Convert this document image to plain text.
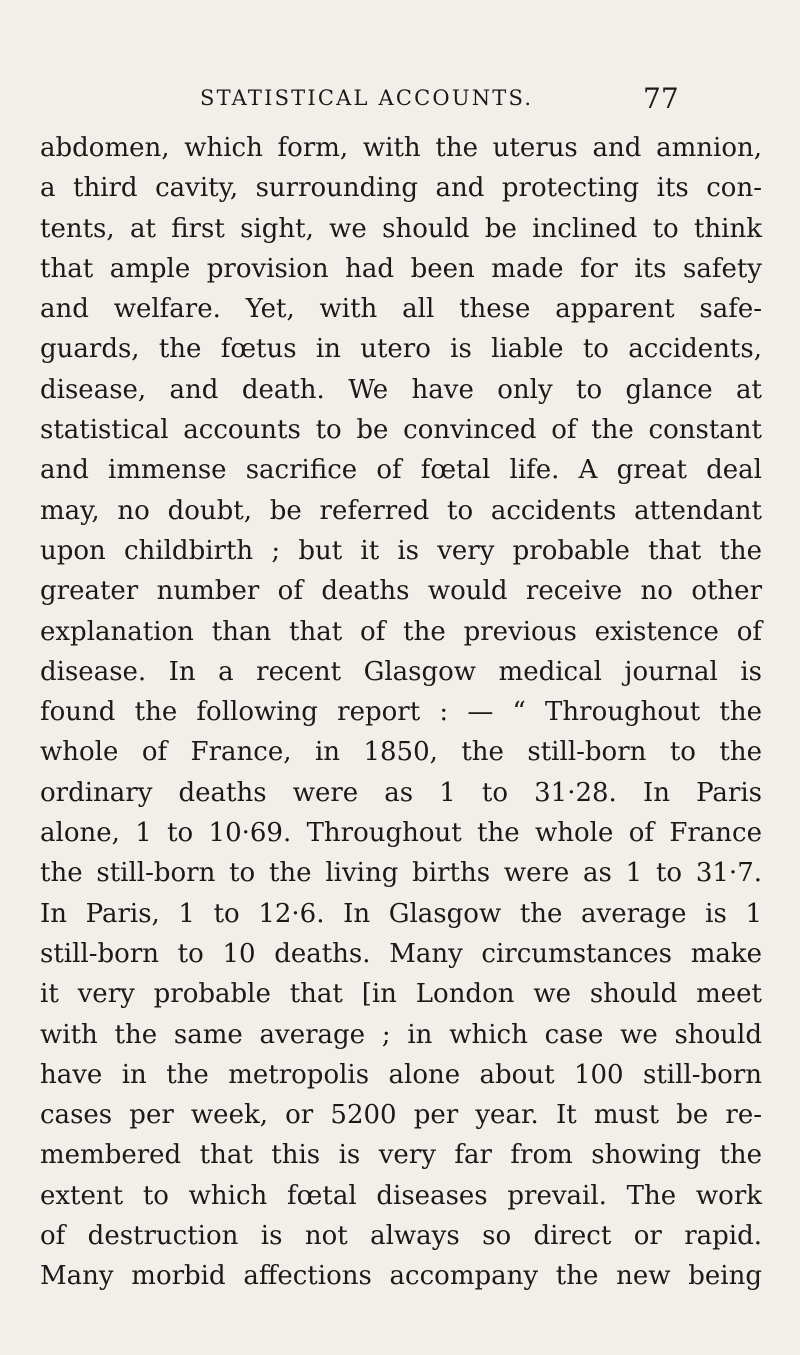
STATISTICAL ACCOUNTS.	77
abdomen, which form, with the uterus and amnion,
a third cavity, surrounding and protecting its con-
tents, at first sight, we should be inclined to think
that ample provision had been made for its safety
and welfare. Yet, with all these apparent safe-
guards, the fœtus in utero is liable to accidents,
disease, and death. We have only to glance at
statistical accounts to be convinced of the constant
and immense sacrifice of fœtal life. A great deal
may, no doubt, be referred to accidents attendant
upon childbirth ; but it is very probable that the
greater number of deaths would receive no other
explanation than that of the previous existence of
disease. In a recent Glasgow medical journal is
found the following report : — “ Throughout the
whole of France, in 1850, the still-born to the
ordinary deaths were as 1 to 31·28. In Paris
alone, 1 to 10·69. Throughout the whole of France
the still-born to the living births were as 1 to 31·7.
In Paris, 1 to 12·6. In Glasgow the average is 1
still-born to 10 deaths. Many circumstances make
it very probable that [in London we should meet
with the same average ; in which case we should
have in the metropolis alone about 100 still-born
cases per week, or 5200 per year. It must be re-
membered that this is very far from showing the
extent to which fœtal diseases prevail. The work
of destruction is not always so direct or rapid.
Many morbid affections accompany the new being
